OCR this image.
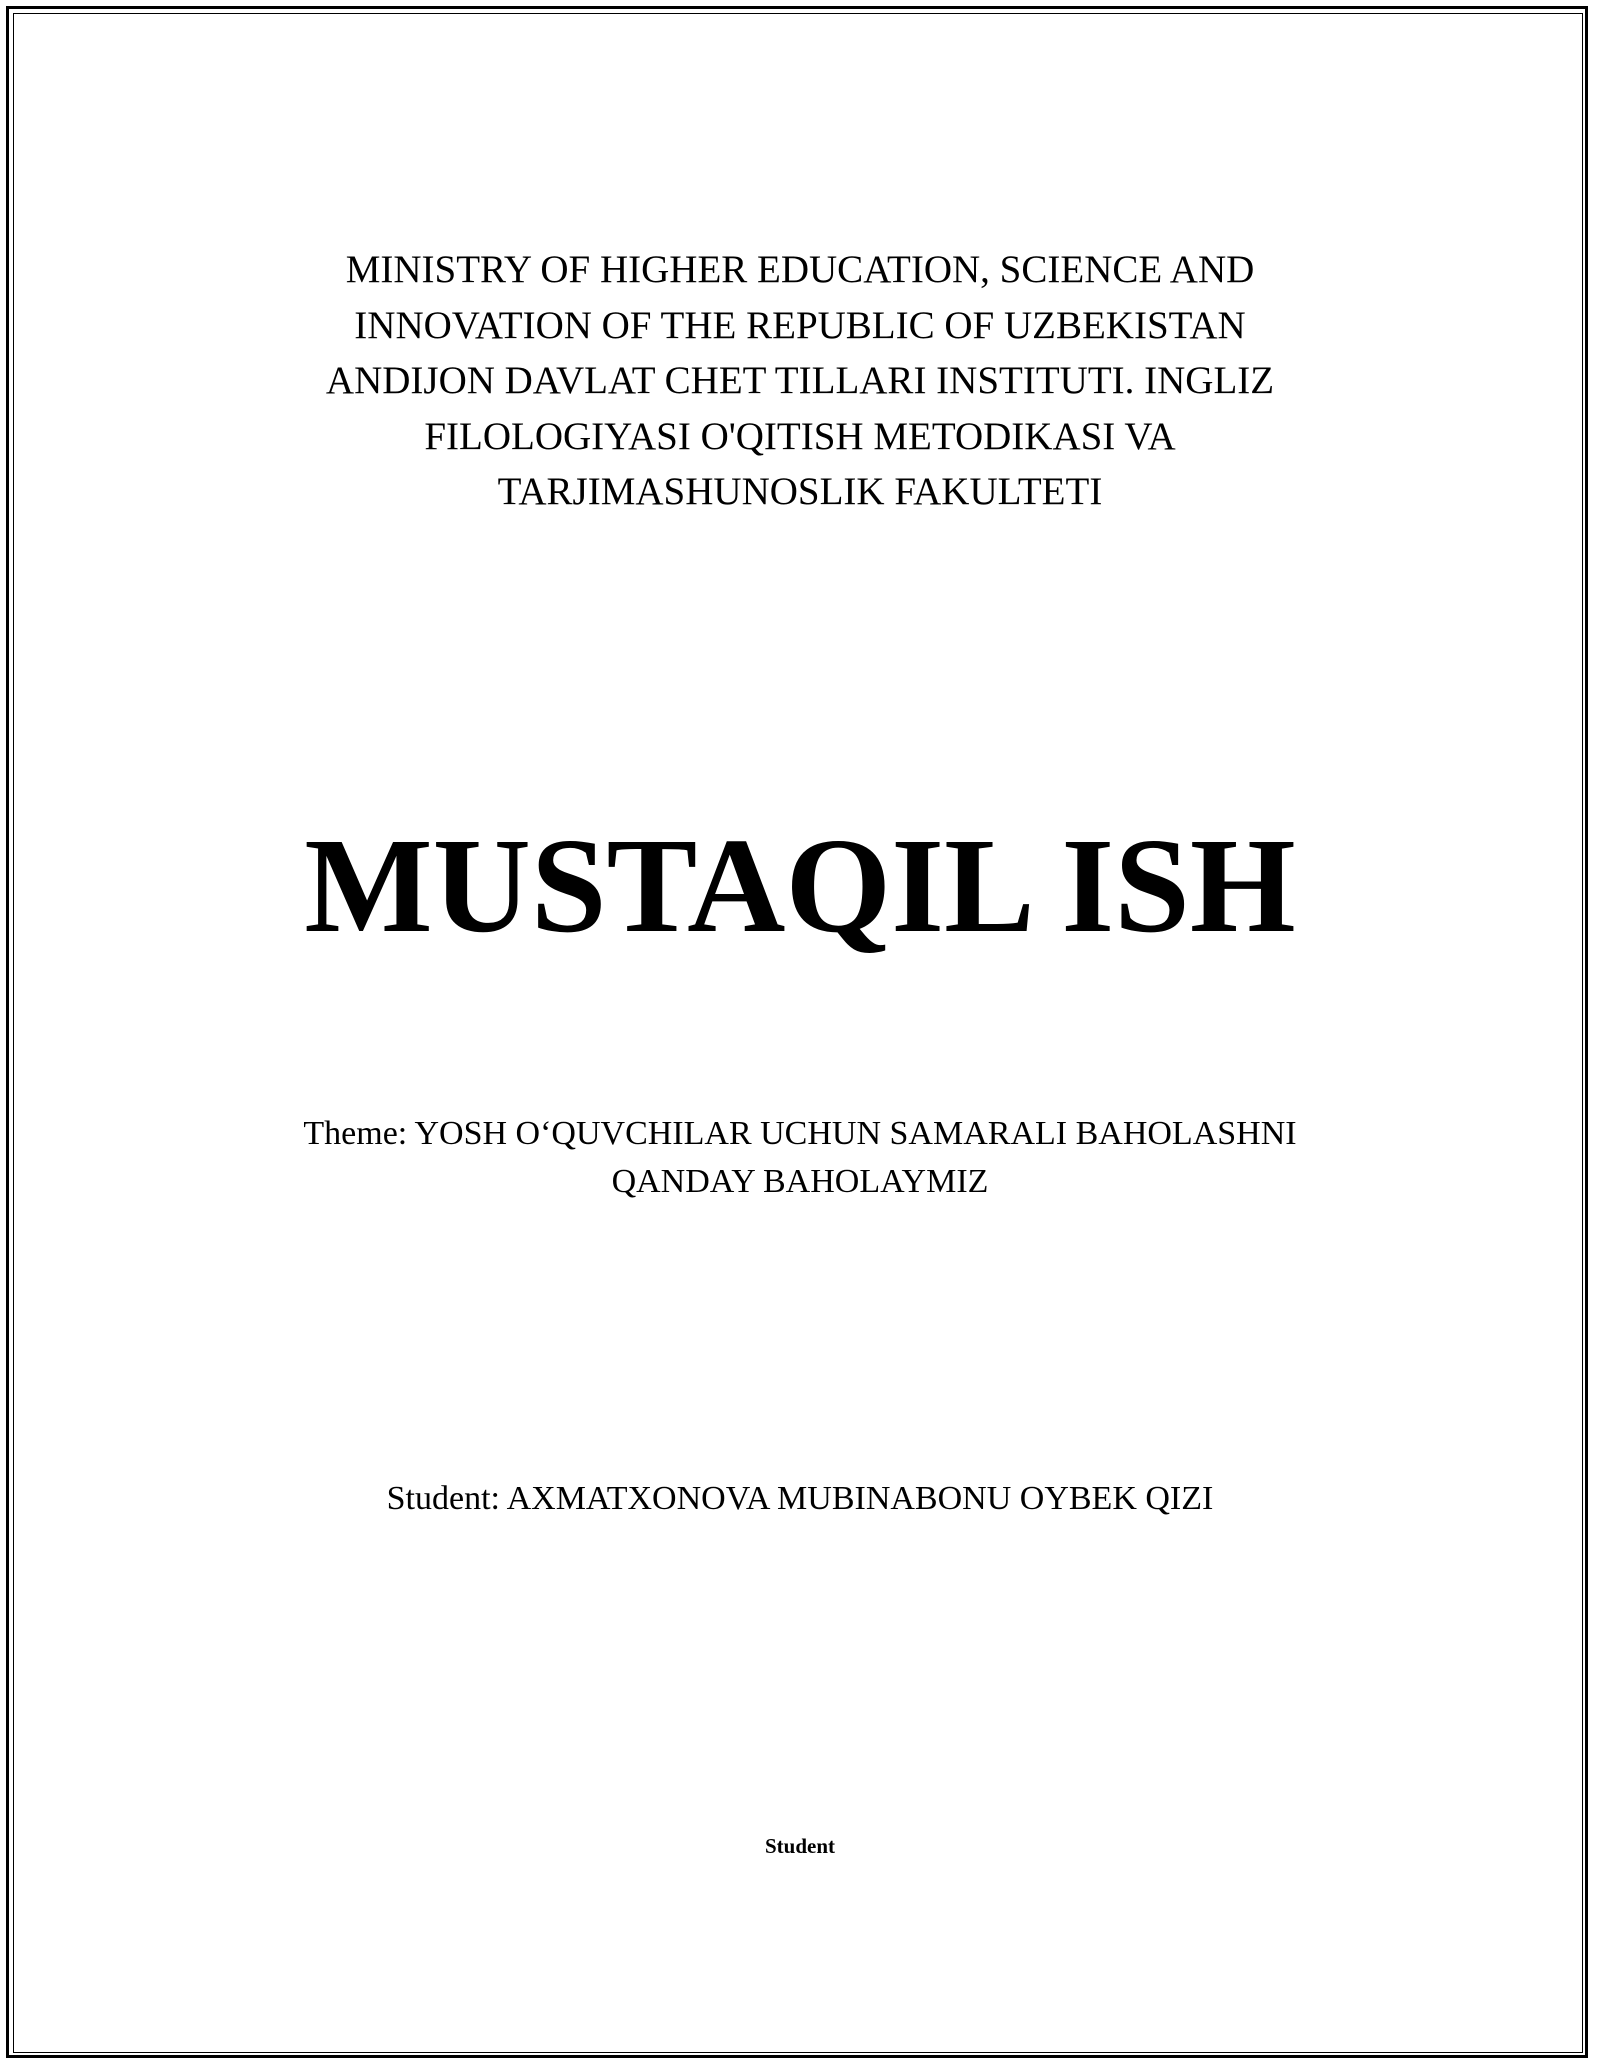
MINISTRY OF HIGHER EDUCATION, SCIENCE AND
INNOVATION OF THE REPUBLIC OF UZBEKISTAN
ANDIJON DAVLAT CHET TILLARI INSTITUTI. INGLIZ
FILOLOGIYASI O'QITISH METODIKASI VA
TARJIMASHUNOSLIK FAKULTETI
MUSTAQIL ISH
Theme: YOSH O‘QUVCHILAR UCHUN SAMARALI BAHOLASHNI
QANDAY BAHOLAYMIZ
Student: AXMATXONOVA MUBINABONU OYBEK QIZI
Student
